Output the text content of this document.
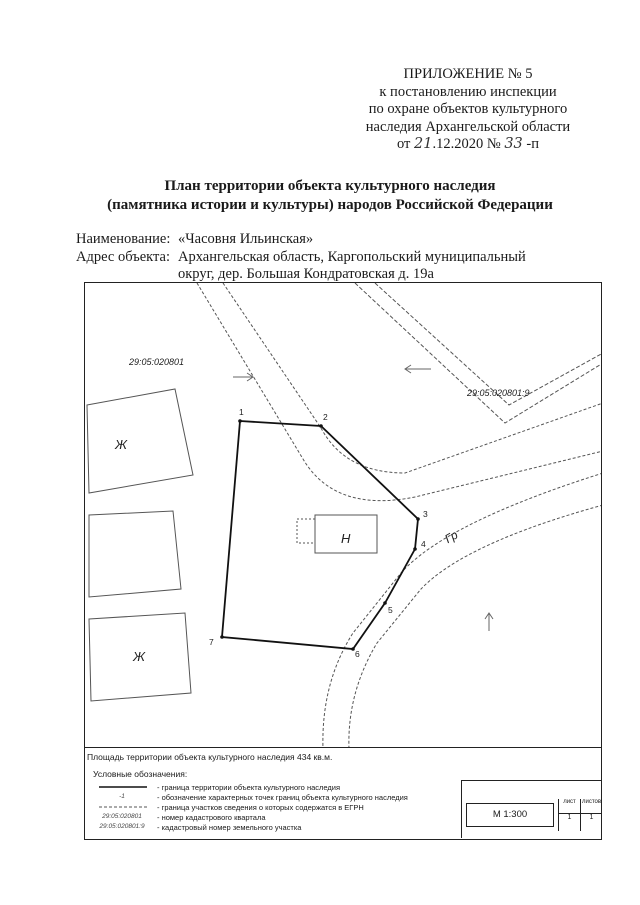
ПРИЛОЖЕНИЕ № 5
к постановлению инспекции
по охране объектов культурного
наследия Архангельской области
от 21.12.2020 № 33 -п
План территории объекта культурного наследия
(памятника истории и культуры) народов Российской Федерации
Наименование: «Часовня Ильинская»
Адрес объекта: Архангельская область, Каргопольский муниципальный
округ, дер. Большая Кондратовская д. 19а
29:05:020801
29:05:020801:9
Ж
Ж
Н	Гр
1	2
3
4
5
6
7
Площадь территории объекта культурного наследия 434 кв.м.
Условные обозначения:
- граница территории объекта культурного наследия
-1	- обозначение характерных точек границ объекта культурного наследия
- граница участков сведения о которых содержатся в ЕГРН
29:05:020801	- номер кадастрового квартала
29:05:020801:9	- кадастровый номер земельного участка
М 1:300
лист
1
листов
1
